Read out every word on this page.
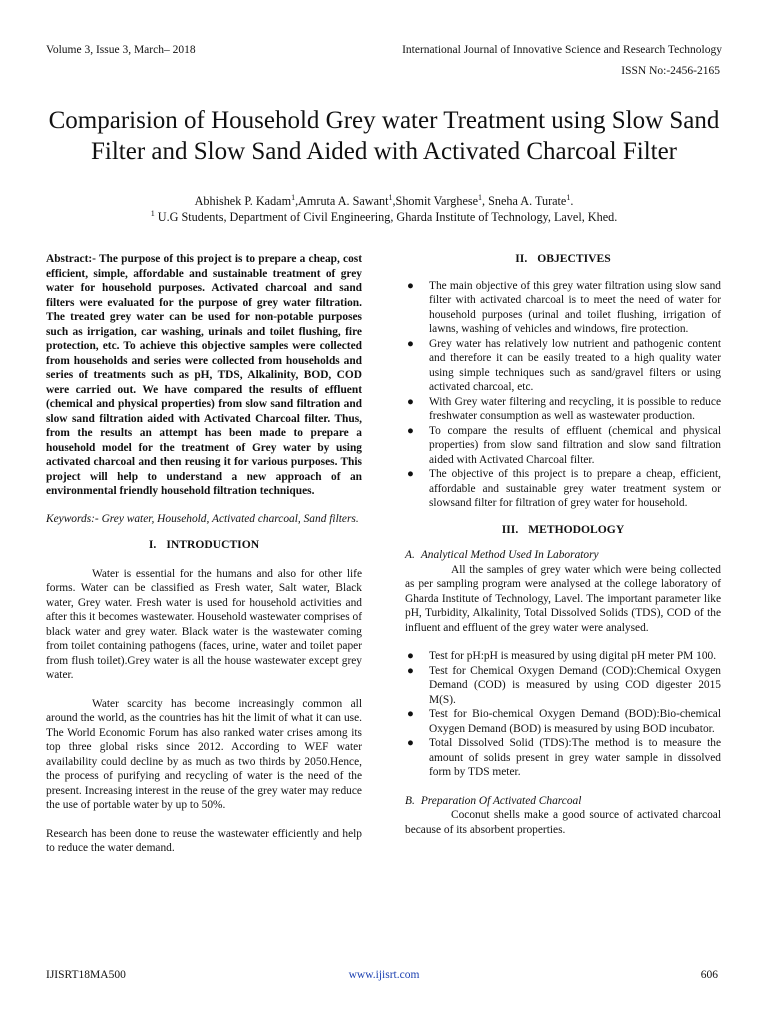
Volume 3, Issue 3, March– 2018	International Journal of Innovative Science and Research Technology
ISSN No:-2456-2165
Comparision of Household Grey water Treatment using Slow Sand Filter and Slow Sand Aided with Activated Charcoal Filter
Abhishek P. Kadam$^1$,Amruta A. Sawant$^1$,Shomit Varghese$^1$, Sneha A. Turate$^1$.
$^1$ U.G Students, Department of Civil Engineering, Gharda Institute of Technology, Lavel, Khed.

Abstract:- The purpose of this project is to prepare a cheap, cost efficient, simple, affordable and sustainable treatment of grey water for household purposes. Activated charcoal and sand filters were evaluated for the purpose of grey water filtration. The treated grey water can be used for non-potable purposes such as irrigation, car washing, urinals and toilet flushing, fire protection, etc. To achieve this objective samples were collected from households and series were collected from households and series of treatments such as pH, TDS, Alkalinity, BOD, COD were carried out. We have compared the results of effluent (chemical and physical properties) from slow sand filtration and slow sand filtration aided with Activated Charcoal filter. Thus, from the results an attempt has been made to prepare a household model for the treatment of Grey water by using activated charcoal and then reusing it for various purposes. This project will help to understand a new approach of an environmental friendly household filtration techniques.

Keywords:- Grey water, Household, Activated charcoal, Sand filters.

I. INTRODUCTION

Water is essential for the humans and also for other life forms. Water can be classified as Fresh water, Salt water, Black water, Grey water. Fresh water is used for household activities and after this it becomes wastewater. Household wastewater comprises of black water and grey water. Black water is the wastewater coming from toilet containing pathogens (faces, urine, water and toilet paper from flush toilet).Grey water is all the house wastewater except grey water.

Water scarcity has become increasingly common all around the world, as the countries has hit the limit of what it can use. The World Economic Forum has also ranked water crises among its top three global risks since 2012. According to WEF water availability could decline by as much as two thirds by 2050.Hence, the process of purifying and recycling of water is the need of the present. Increasing interest in the reuse of the grey water may reduce the use of portable water by up to 50%.

Research has been done to reuse the wastewater efficiently and help to reduce the water demand.

II. OBJECTIVES
● The main objective of this grey water filtration using slow sand filter with activated charcoal is to meet the need of water for household purposes (urinal and toilet flushing, irrigation of lawns, washing of vehicles and windows, fire protection.
● Grey water has relatively low nutrient and pathogenic content and therefore it can be easily treated to a high quality water using simple techniques such as sand/gravel filters or using activated charcoal, etc.
● With Grey water filtering and recycling, it is possible to reduce freshwater consumption as well as wastewater production.
● To compare the results of effluent (chemical and physical properties) from slow sand filtration and slow sand filtration aided with Activated Charcoal filter.
● The objective of this project is to prepare a cheap, efficient, affordable and sustainable grey water treatment system or slowsand filter for filtration of grey water for household.
III. METHODOLOGY
A. Analytical Method Used In Laboratory

All the samples of grey water which were being collected as per sampling program were analysed at the college laboratory of Gharda Institute of Technology, Lavel. The important parameter like pH, Turbidity, Alkalinity, Total Dissolved Solids (TDS), COD of the influent and effluent of the grey water were analysed.

● Test for pH:pH is measured by using digital pH meter PM 100.
● Test for Chemical Oxygen Demand (COD):Chemical Oxygen Demand (COD) is measured by using COD digester 2015 M(S).
● Test for Bio-chemical Oxygen Demand (BOD):Bio-chemical Oxygen Demand (BOD) is measured by using BOD incubator.
● Total Dissolved Solid (TDS):The method is to measure the amount of solids present in grey water sample in dissolved form by TDS meter.
B. Preparation Of Activated Charcoal

Coconut shells make a good source of activated charcoal because of its absorbent properties.

IJISRT18MA500	www.ijisrt.com	606
